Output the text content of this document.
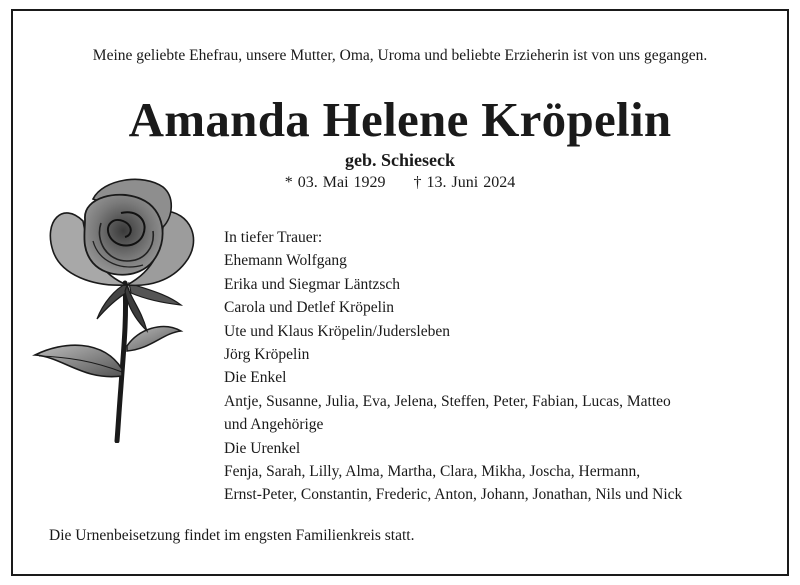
Meine geliebte Ehefrau, unsere Mutter, Oma, Uroma und beliebte Erzieherin ist von uns gegangen.
Amanda Helene Kröpelin
geb. Schieseck
* 03. Mai 1929 † 13. Juni 2024
In tiefer Trauer:
Ehemann Wolfgang
Erika und Siegmar Läntzsch
Carola und Detlef Kröpelin
Ute und Klaus Kröpelin/Judersleben
Jörg Kröpelin
Die Enkel
Antje, Susanne, Julia, Eva, Jelena, Steffen, Peter, Fabian, Lucas, Matteo
und Angehörige
Die Urenkel
Fenja, Sarah, Lilly, Alma, Martha, Clara, Mikha, Joscha, Hermann,
Ernst-Peter, Constantin, Frederic, Anton, Johann, Jonathan, Nils und Nick
Die Urnenbeisetzung findet im engsten Familienkreis statt.
